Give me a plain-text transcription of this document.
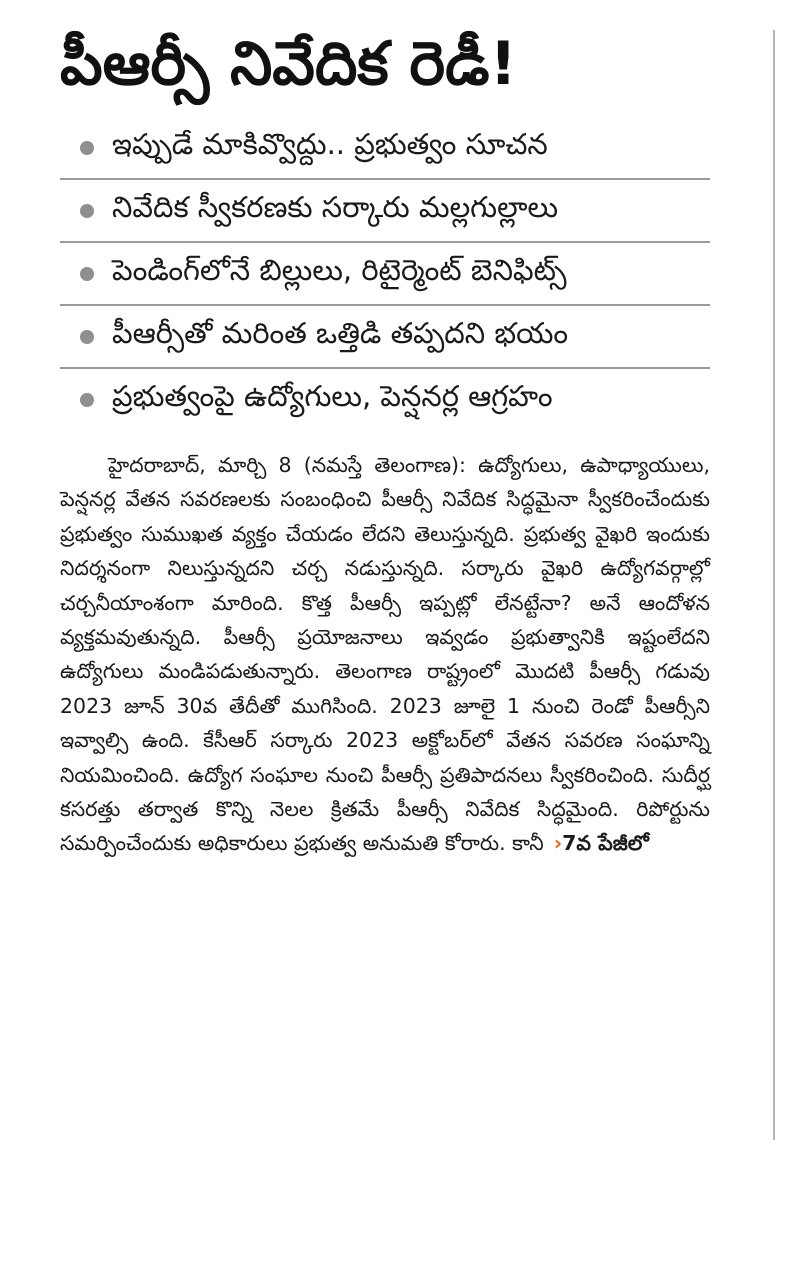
పీఆర్సీ నివేదిక రెడీ!
ఇప్పుడే మాకివ్వొద్దు.. ప్రభుత్వం సూచన
నివేదిక స్వీకరణకు సర్కారు మల్లగుల్లాలు
పెండింగ్‌లోనే బిల్లులు, రిటైర్మెంట్ బెనిఫిట్స్
పీఆర్సీతో మరింత ఒత్తిడి తప్పదని భయం
ప్రభుత్వంపై ఉద్యోగులు, పెన్షనర్ల ఆగ్రహం

హైదరాబాద్, మార్చి 8 (నమస్తే తెలంగాణ): ఉద్యోగులు, ఉపాధ్యాయులు, పెన్షనర్ల వేతన సవరణలకు సంబంధించి పీఆర్సీ నివేదిక సిద్ధమైనా స్వీకరించేందుకు ప్రభుత్వం సుముఖత వ్యక్తం చేయడం లేదని తెలుస్తున్నది. ప్రభుత్వ వైఖరి ఇందుకు నిదర్శనంగా నిలుస్తున్నదని చర్చ నడుస్తున్నది. సర్కారు వైఖరి ఉద్యోగవర్గాల్లో చర్చనీయాంశంగా మారింది. కొత్త పీఆర్సీ ఇప్పట్లో లేనట్టేనా? అనే ఆందోళన వ్యక్తమవుతున్నది. పీఆర్సీ ప్రయోజనాలు ఇవ్వడం ప్రభుత్వానికి ఇష్టంలేదని ఉద్యోగులు మండిపడుతున్నారు. తెలంగాణ రాష్ట్రంలో మొదటి పీఆర్సీ గడువు 2023 జూన్ 30వ తేదీతో ముగిసింది. 2023 జూలై 1 నుంచి రెండో పీఆర్సీని ఇవ్వాల్సి ఉంది. కేసీఆర్ సర్కారు 2023 అక్టోబర్‌లో వేతన సవరణ సంఘాన్ని నియమించింది. ఉద్యోగ సంఘాల నుంచి పీఆర్సీ ప్రతిపాదనలు స్వీకరించింది. సుదీర్ఘ కసరత్తు తర్వాత కొన్ని నెలల క్రితమే పీఆర్సీ నివేదిక సిద్ధమైంది. రిపోర్టును సమర్పించేందుకు అధికారులు ప్రభుత్వ అనుమతి కోరారు. కానీ ›7వ పేజీలో
